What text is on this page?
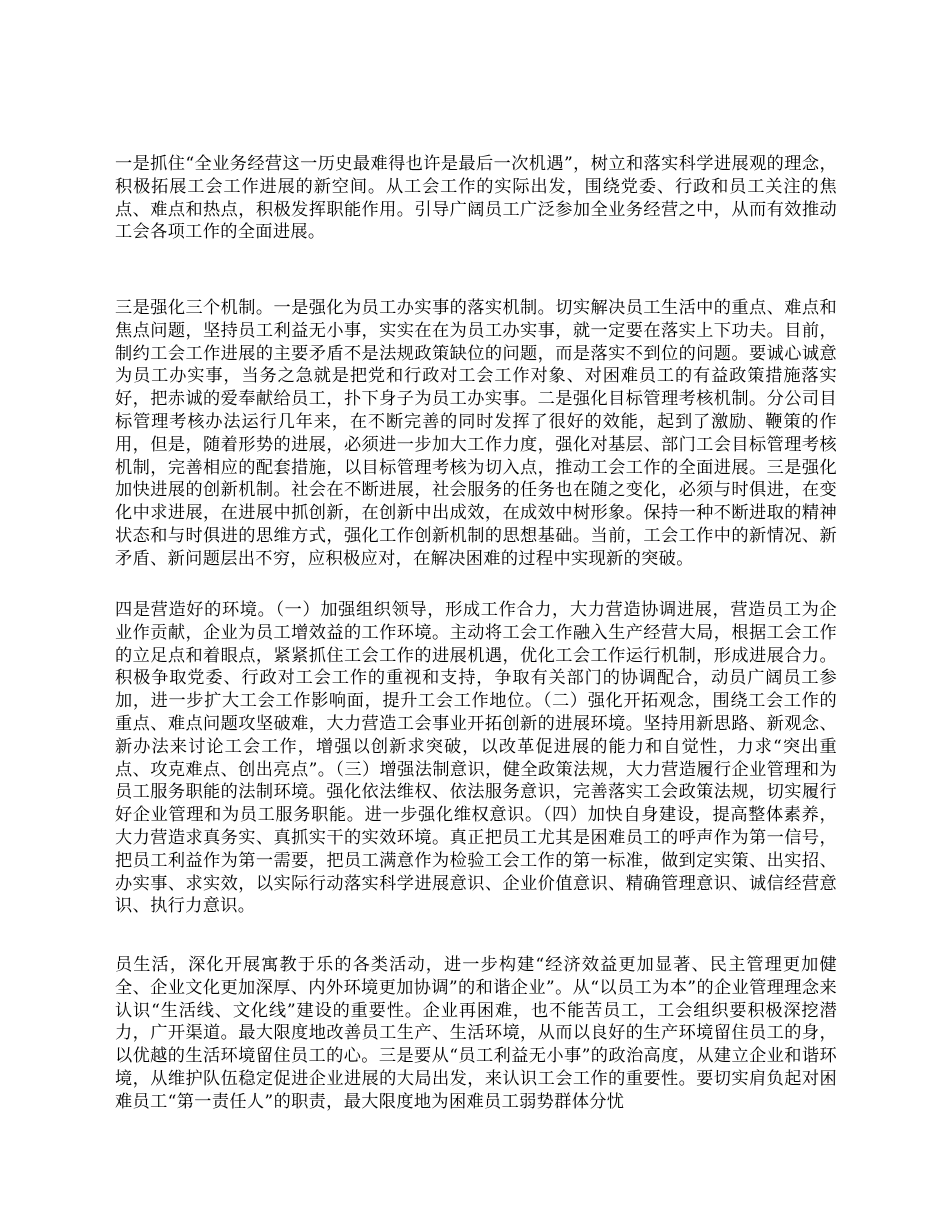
一是抓住“全业务经营这一历史最难得也许是最后一次机遇”，树立和落实科学进展观的理念，积极拓展工会工作进展的新空间。从工会工作的实际出发，围绕党委、行政和员工关注的焦点、难点和热点，积极发挥职能作用。引导广阔员工广泛参加全业务经营之中，从而有效推动工会各项工作的全面进展。

三是强化三个机制。一是强化为员工办实事的落实机制。切实解决员工生活中的重点、难点和焦点问题，坚持员工利益无小事，实实在在为员工办实事，就一定要在落实上下功夫。目前，制约工会工作进展的主要矛盾不是法规政策缺位的问题，而是落实不到位的问题。要诚心诚意为员工办实事，当务之急就是把党和行政对工会工作对象、对困难员工的有益政策措施落实好，把赤诚的爱奉献给员工，扑下身子为员工办实事。二是强化目标管理考核机制。分公司目标管理考核办法运行几年来，在不断完善的同时发挥了很好的效能，起到了激励、鞭策的作用，但是，随着形势的进展，必须进一步加大工作力度，强化对基层、部门工会目标管理考核机制，完善相应的配套措施，以目标管理考核为切入点，推动工会工作的全面进展。三是强化加快进展的创新机制。社会在不断进展，社会服务的任务也在随之变化，必须与时俱进，在变化中求进展，在进展中抓创新，在创新中出成效，在成效中树形象。保持一种不断进取的精神状态和与时俱进的思维方式，强化工作创新机制的思想基础。当前，工会工作中的新情况、新矛盾、新问题层出不穷，应积极应对，在解决困难的过程中实现新的突破。

四是营造好的环境。（一）加强组织领导，形成工作合力，大力营造协调进展，营造员工为企业作贡献，企业为员工增效益的工作环境。主动将工会工作融入生产经营大局，根据工会工作的立足点和着眼点，紧紧抓住工会工作的进展机遇，优化工会工作运行机制，形成进展合力。积极争取党委、行政对工会工作的重视和支持，争取有关部门的协调配合，动员广阔员工参加，进一步扩大工会工作影响面，提升工会工作地位。（二）强化开拓观念，围绕工会工作的重点、难点问题攻坚破难，大力营造工会事业开拓创新的进展环境。坚持用新思路、新观念、新办法来讨论工会工作，增强以创新求突破，以改革促进展的能力和自觉性，力求“突出重点、攻克难点、创出亮点”。（三）增强法制意识，健全政策法规，大力营造履行企业管理和为员工服务职能的法制环境。强化依法维权、依法服务意识，完善落实工会政策法规，切实履行好企业管理和为员工服务职能。进一步强化维权意识。（四）加快自身建设，提高整体素养，大力营造求真务实、真抓实干的实效环境。真正把员工尤其是困难员工的呼声作为第一信号，把员工利益作为第一需要，把员工满意作为检验工会工作的第一标准，做到定实策、出实招、办实事、求实效，以实际行动落实科学进展意识、企业价值意识、精确管理意识、诚信经营意识、执行力意识。

员生活，深化开展寓教于乐的各类活动，进一步构建“经济效益更加显著、民主管理更加健全、企业文化更加深厚、内外环境更加协调”的和谐企业”。从“以员工为本”的企业管理理念来认识“生活线、文化线”建设的重要性。企业再困难，也不能苦员工，工会组织要积极深挖潜力，广开渠道。最大限度地改善员工生产、生活环境，从而以良好的生产环境留住员工的身，以优越的生活环境留住员工的心。三是要从“员工利益无小事”的政治高度，从建立企业和谐环境，从维护队伍稳定促进企业进展的大局出发，来认识工会工作的重要性。要切实肩负起对困难员工“第一责任人”的职责，最大限度地为困难员工弱势群体分忧
